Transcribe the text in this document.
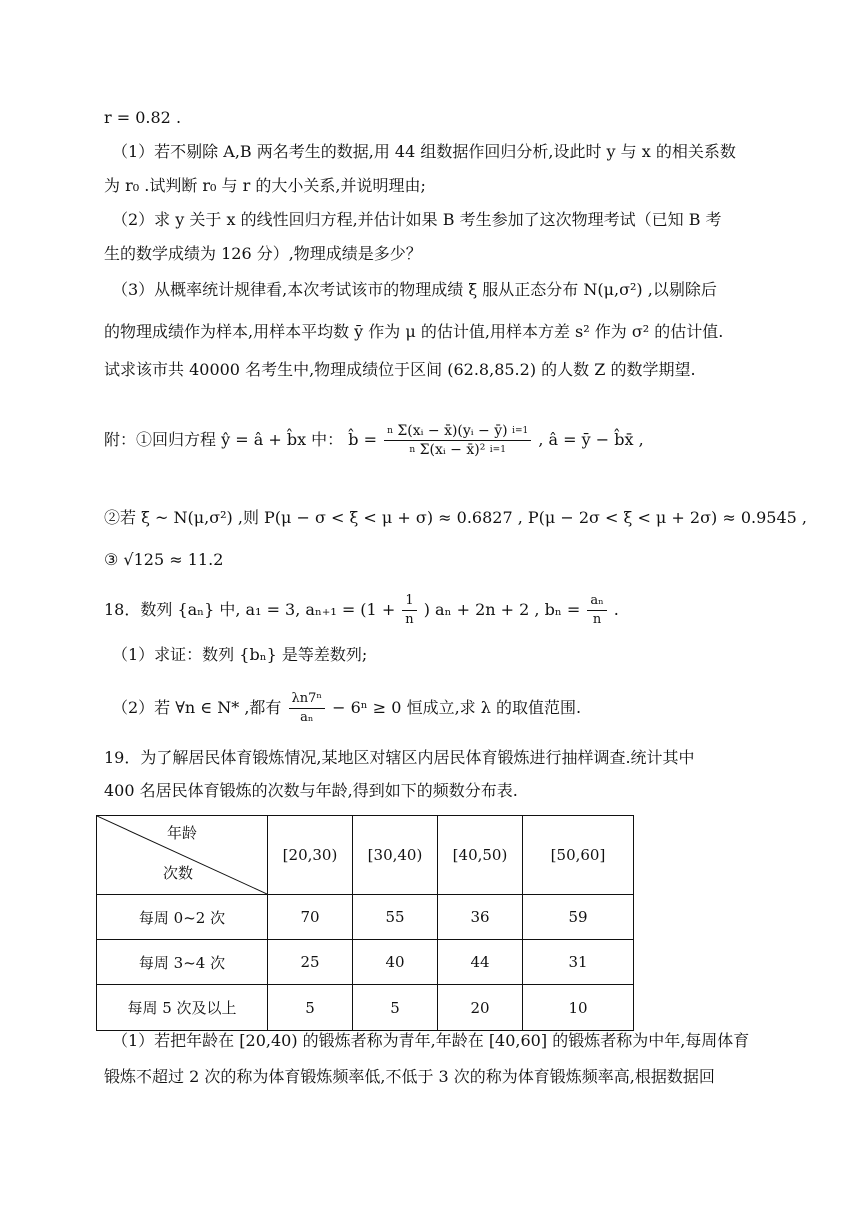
r = 0.82 .
（1）若不剔除 A,B 两名考生的数据,用 44 组数据作回归分析,设此时 y 与 x 的相关系数
为 r₀ .试判断 r₀ 与 r 的大小关系,并说明理由;
（2）求 y 关于 x 的线性回归方程,并估计如果 B 考生参加了这次物理考试（已知 B 考
生的数学成绩为 126 分）,物理成绩是多少？
（3）从概率统计规律看,本次考试该市的物理成绩 ξ 服从正态分布 N(μ,σ²) ,以剔除后
的物理成绩作为样本,用样本平均数 ȳ 作为 μ 的估计值,用样本方差 s² 作为 σ² 的估计值.
试求该市共 40000 名考生中,物理成绩位于区间 (62.8,85.2) 的人数 Z 的数学期望.
附：①回归方程 ŷ = â + b̂x 中： b̂ = $\frac{^n \Sigma(xᵢ - x̄)(yᵢ - ȳ) i=1}{^n \Sigma(xᵢ - x̄)^2 i=1}$ , â = ȳ − b̂x̄ ,
②若 ξ ~ N(μ,σ²) ,则 P(μ − σ < ξ < μ + σ) ≈ 0.6827 , P(μ − 2σ < ξ < μ + 2σ) ≈ 0.9545 ,
③ √125 ≈ 11.2
18．数列 {aₙ} 中, a₁ = 3, $a_{n+1} = (1 + \frac{1}{n}$ ) aₙ + 2n + 2 , $b_n = \frac{\text{aₙ}}{n}$ .
（1）求证：数列 {bₙ} 是等差数列;
（2）若 ∀n ∈ N* ,都有 $\frac{\text{λn7ⁿ}}{\text{aₙ}} - 6^n \ge 0$ 恒成立,求 λ 的取值范围.
19．为了解居民体育锻炼情况,某地区对辖区内居民体育锻炼进行抽样调查.统计其中
400 名居民体育锻炼的次数与年龄,得到如下的频数分布表.
年龄
次数	[20,30)	[30,40)	[40,50)	[50,60]
每周 0~2 次	70	55	36	59
每周 3~4 次	25	40	44	31
每周 5 次及以上	5	5	20	10
（1）若把年龄在 [20,40) 的锻炼者称为青年,年龄在 [40,60] 的锻炼者称为中年,每周体育
锻炼不超过 2 次的称为体育锻炼频率低,不低于 3 次的称为体育锻炼频率高,根据数据回
